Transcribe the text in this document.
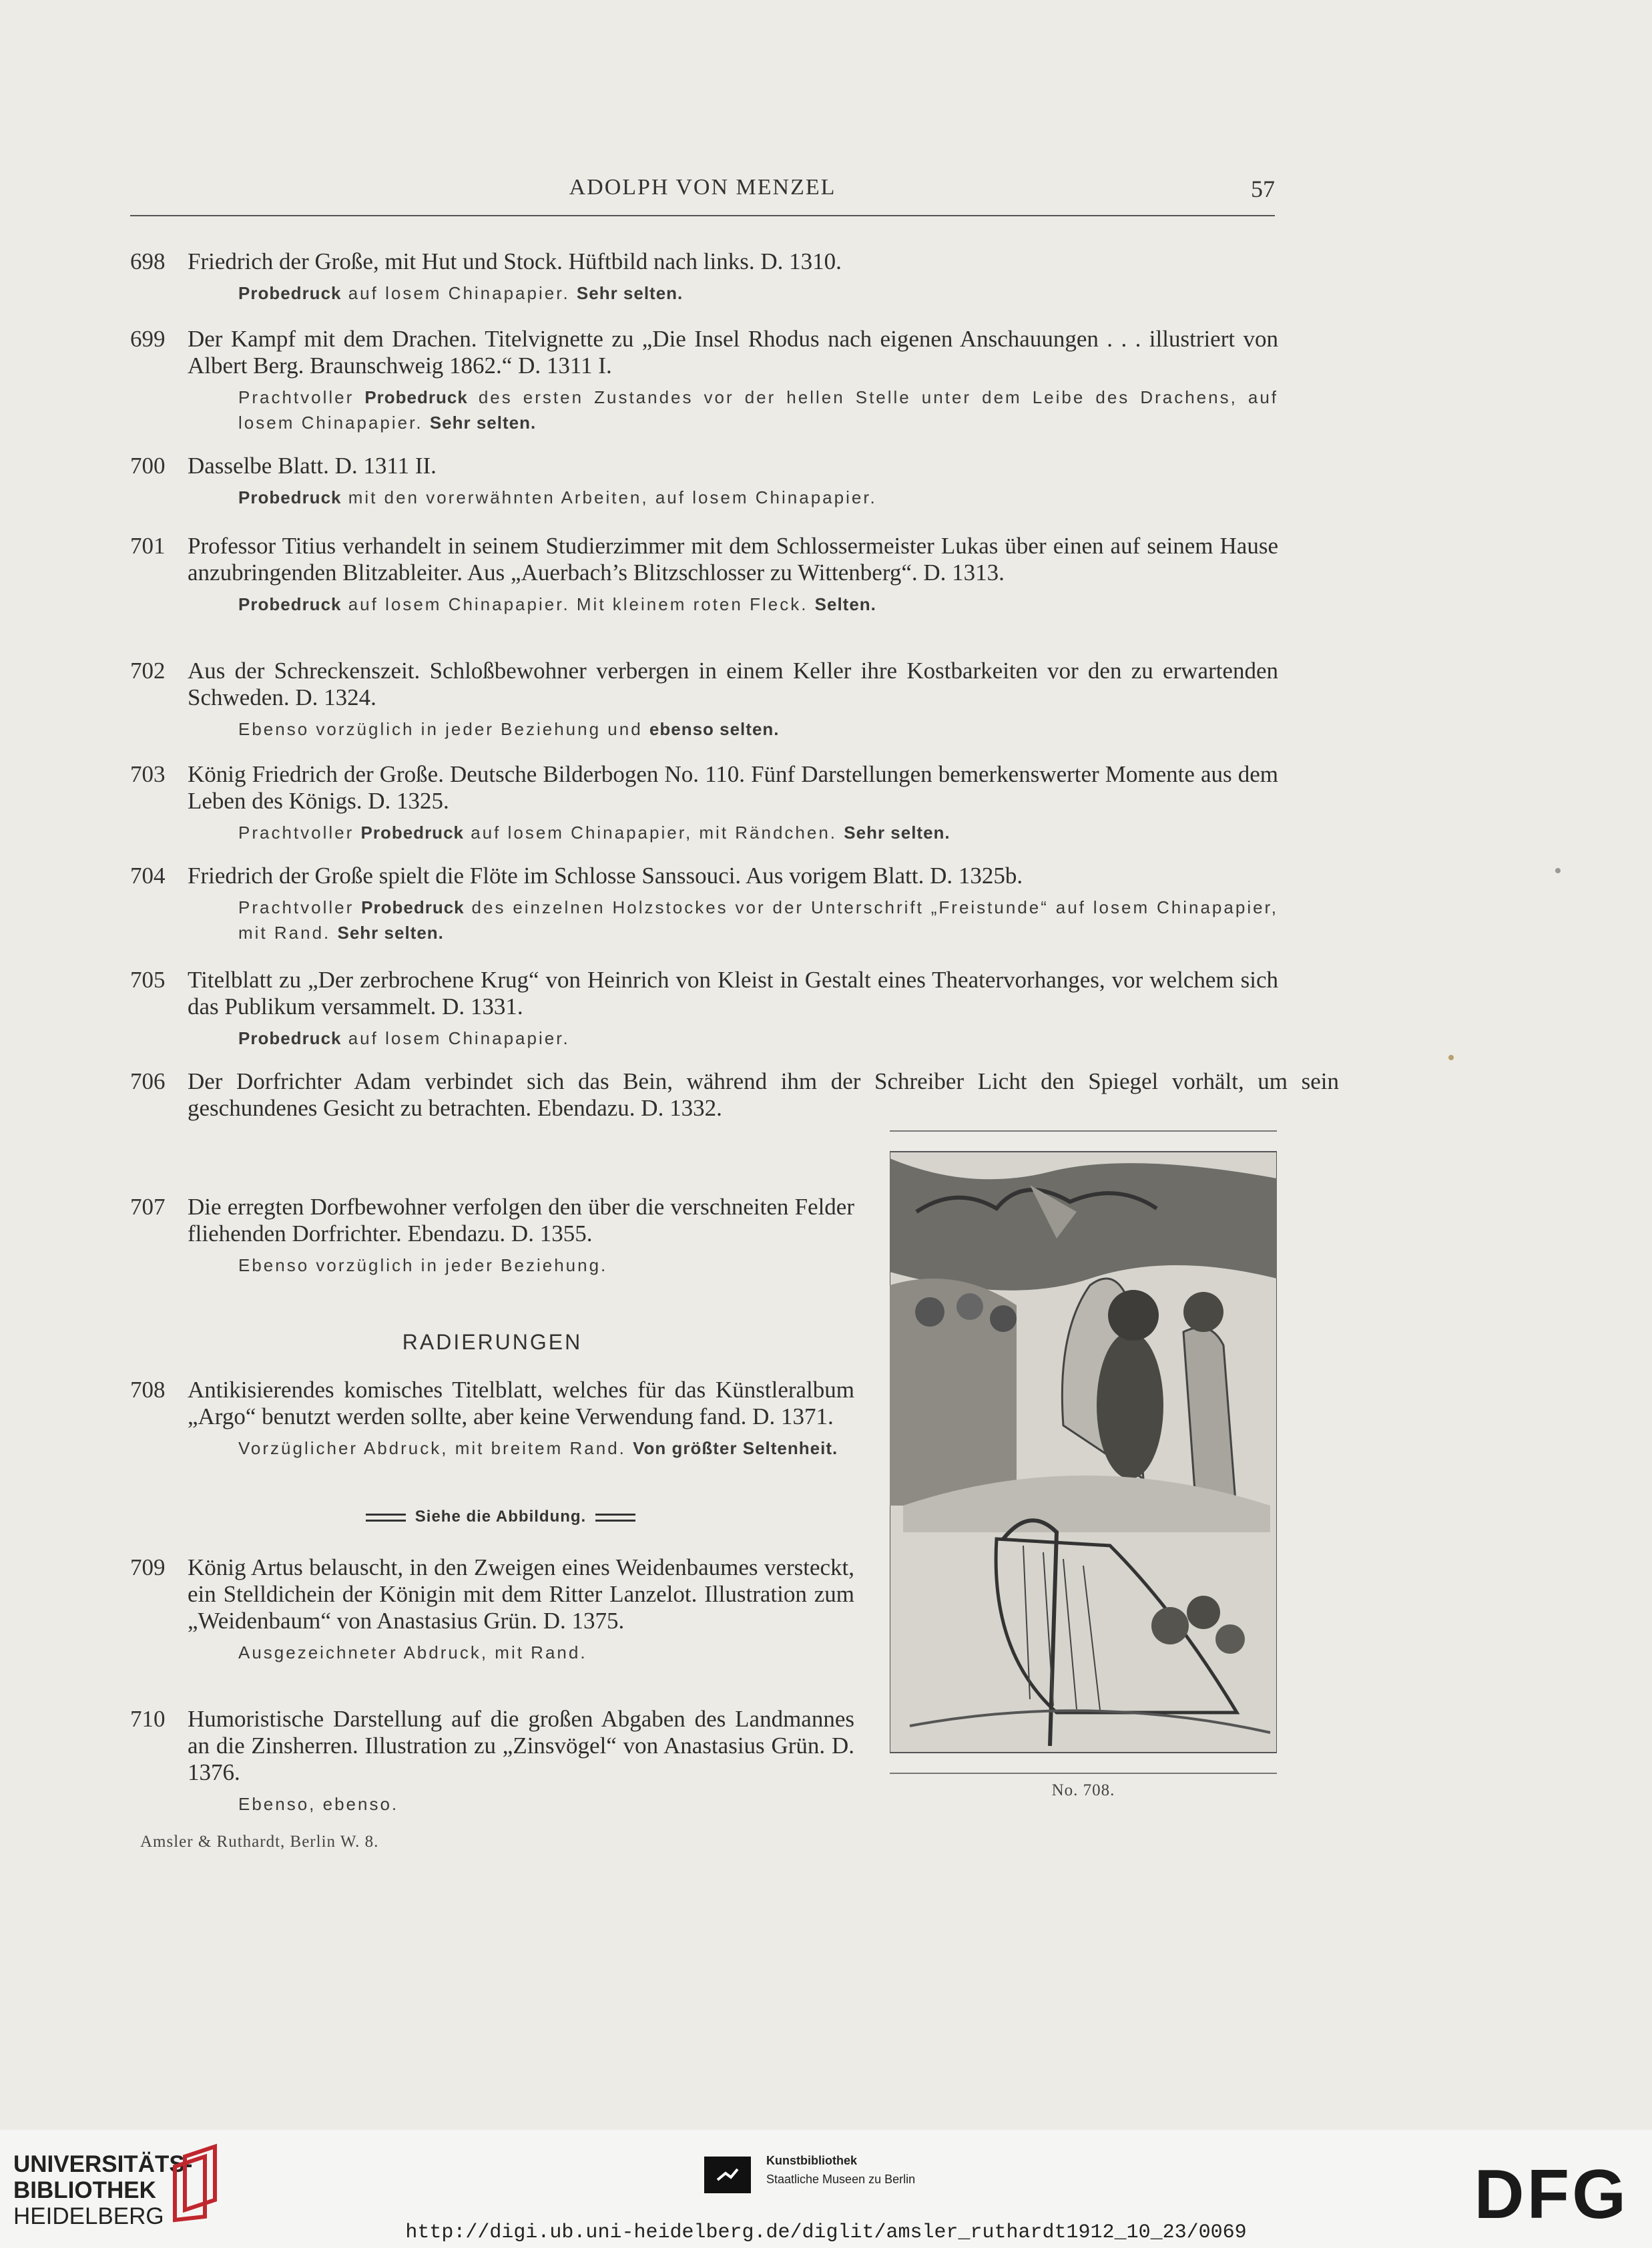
ADOLPH VON MENZEL	57
698 Friedrich der Große, mit Hut und Stock. Hüftbild nach links. D. 1310.
Probedruck auf losem Chinapapier. Sehr selten.
699 Der Kampf mit dem Drachen. Titelvignette zu „Die Insel Rhodus nach eigenen Anschauungen . . . illustriert von Albert Berg. Braunschweig 1862.“ D. 1311 I.
Prachtvoller Probedruck des ersten Zustandes vor der hellen Stelle unter dem Leibe des Drachens, auf losem Chinapapier. Sehr selten.
700 Dasselbe Blatt. D. 1311 II.
Probedruck mit den vorerwähnten Arbeiten, auf losem Chinapapier.
701 Professor Titius verhandelt in seinem Studierzimmer mit dem Schlossermeister Lukas über einen auf seinem Hause anzubringenden Blitzableiter. Aus „Auerbach’s Blitzschlosser zu Wittenberg“. D. 1313.
Probedruck auf losem Chinapapier. Mit kleinem roten Fleck. Selten.
702 Aus der Schreckenszeit. Schloßbewohner verbergen in einem Keller ihre Kostbarkeiten vor den zu erwartenden Schweden. D. 1324.
Ebenso vorzüglich in jeder Beziehung und ebenso selten.
703 König Friedrich der Große. Deutsche Bilderbogen No. 110. Fünf Darstellungen bemerkenswerter Momente aus dem Leben des Königs. D. 1325.
Prachtvoller Probedruck auf losem Chinapapier, mit Rändchen. Sehr selten.
704 Friedrich der Große spielt die Flöte im Schlosse Sanssouci. Aus vorigem Blatt. D. 1325b.
Prachtvoller Probedruck des einzelnen Holzstockes vor der Unterschrift „Freistunde“ auf losem Chinapapier, mit Rand. Sehr selten.
705 Titelblatt zu „Der zerbrochene Krug“ von Heinrich von Kleist in Gestalt eines Theatervorhanges, vor welchem sich das Publikum versammelt. D. 1331.
Probedruck auf losem Chinapapier.
706 Der Dorfrichter Adam verbindet sich das Bein, während ihm der Schreiber Licht den Spiegel vorhält, um sein geschundenes Gesicht zu betrachten. Ebendazu. D. 1332.
707 Die erregten Dorfbewohner verfolgen den über die verschneiten Felder fliehenden Dorfrichter. Ebendazu. D. 1355.
Ebenso vorzüglich in jeder Beziehung.
RADIERUNGEN
708 Antikisierendes komisches Titelblatt, welches für das Künstleralbum „Argo“ benutzt werden sollte, aber keine Verwendung fand. D. 1371.
Vorzüglicher Abdruck, mit breitem Rand. Von größter Seltenheit.
Siehe die Abbildung.
709 König Artus belauscht, in den Zweigen eines Weidenbaumes versteckt, ein Stelldichein der Königin mit dem Ritter Lanzelot. Illustration zum „Weidenbaum“ von Anastasius Grün. D. 1375.
Ausgezeichneter Abdruck, mit Rand.
710 Humoristische Darstellung auf die großen Abgaben des Landmannes an die Zinsherren. Illustration zu „Zinsvögel“ von Anastasius Grün. D. 1376.
Ebenso, ebenso.
No. 708.
Amsler & Ruthardt, Berlin W. 8.
UNIVERSITÄTS-
BIBLIOTHEK
HEIDELBERG
Kunstbibliothek
Staatliche Museen zu Berlin	DFG
http://digi.ub.uni-heidelberg.de/diglit/amsler_ruthardt1912_10_23/0069
